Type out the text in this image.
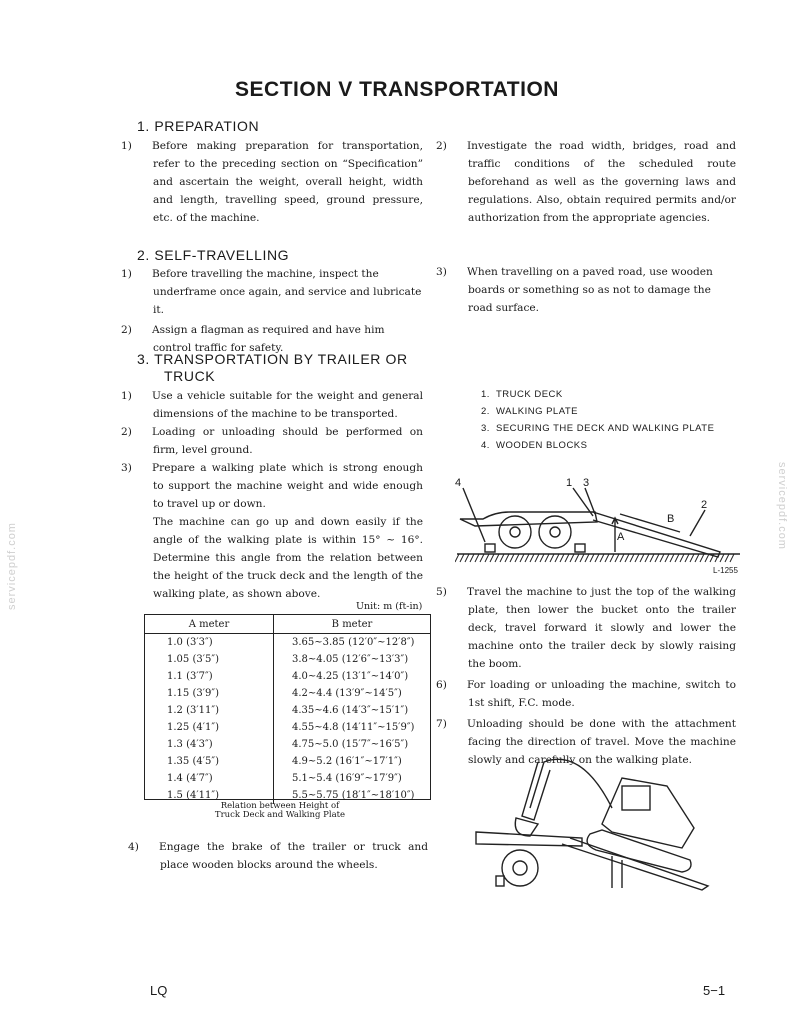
SECTION V TRANSPORTATION
1. PREPARATION
1) Before making preparation for transportation, refer to the preceding section on “Specification” and ascertain the weight, overall height, width and length, travelling speed, ground pressure, etc. of the machine.
2) Investigate the road width, bridges, road and traffic conditions of the scheduled route beforehand as well as the governing laws and regulations. Also, obtain required permits and/or authorization from the appropriate agencies.
2. SELF-TRAVELLING
1) Before travelling the machine, inspect the underframe once again, and service and lubricate it.
2) Assign a flagman as required and have him control traffic for safety.
3) When travelling on a paved road, use wooden boards or something so as not to damage the road surface.
3. TRANSPORTATION BY TRAILER OR
TRUCK
1) Use a vehicle suitable for the weight and general dimensions of the machine to be transported.
2) Loading or unloading should be performed on firm, level ground.
3) Prepare a walking plate which is strong enough to support the machine weight and wide enough to travel up or down.
The machine can go up and down easily if the angle of the walking plate is within 15° ~ 16°. Determine this angle from the relation between the height of the truck deck and the length of the walking plate, as shown above.
Unit: m (ft-in)
A meter	B meter
1.0 (3′3″)	3.65~3.85 (12′0″~12′8″)
1.05 (3′5″)	3.8~4.05 (12′6″~13′3″)
1.1 (3′7″)	4.0~4.25 (13′1″~14′0″)
1.15 (3′9″)	4.2~4.4 (13′9″~14′5″)
1.2 (3′11″)	4.35~4.6 (14′3″~15′1″)
1.25 (4′1″)	4.55~4.8 (14′11″~15′9″)
1.3 (4′3″)	4.75~5.0 (15′7″~16′5″)
1.35 (4′5″)	4.9~5.2 (16′1″~17′1″)
1.4 (4′7″)	5.1~5.4 (16′9″~17′9″)
1.5 (4′11″)	5.5~5.75 (18′1″~18′10″)
Relation between Height of
Truck Deck and Walking Plate
4) Engage the brake of the trailer or truck and place wooden blocks around the wheels.
1. TRUCK DECK
2. WALKING PLATE
3. SECURING THE DECK AND WALKING PLATE
4. WOODEN BLOCKS
4	1 3
2
A
B
L-1255
5) Travel the machine to just the top of the walking plate, then lower the bucket onto the trailer deck, travel forward it slowly and lower the machine onto the trailer deck by slowly raising the boom.
6) For loading or unloading the machine, switch to 1st shift, F.C. mode.
7) Unloading should be done with the attachment facing the direction of travel. Move the machine slowly and carefully on the walking plate.
servicepdf.com
servicepdf.com
LQ	5−1
